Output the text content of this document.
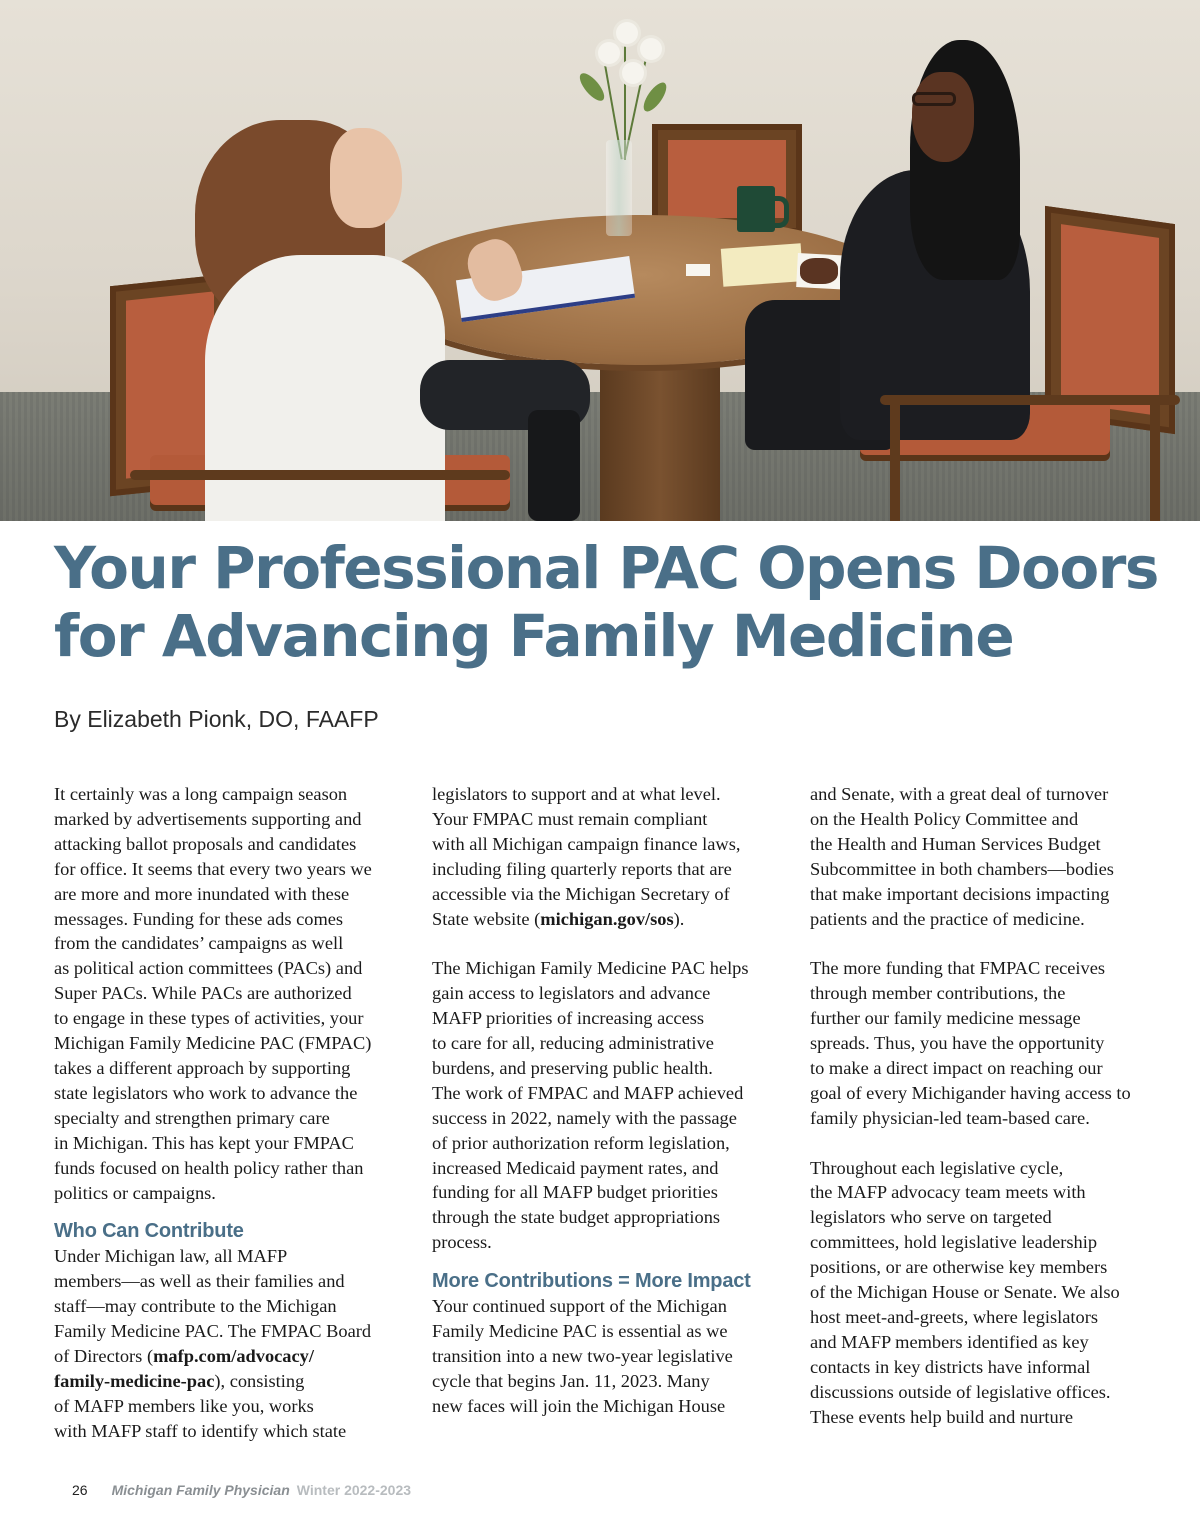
Your Professional PAC Opens Doors
for Advancing Family Medicine
By Elizabeth Pionk, DO, FAAFP

It certainly was a long campaign season
marked by advertisements supporting and
attacking ballot proposals and candidates
for office. It seems that every two years we
are more and more inundated with these
messages. Funding for these ads comes
from the candidates’ campaigns as well
as political action committees (PACs) and
Super PACs. While PACs are authorized
to engage in these types of activities, your
Michigan Family Medicine PAC (FMPAC)
takes a different approach by supporting
state legislators who work to advance the
specialty and strengthen primary care
in Michigan. This has kept your FMPAC
funds focused on health policy rather than
politics or campaigns.

Who Can Contribute

Under Michigan law, all MAFP
members—as well as their families and
staff—may contribute to the Michigan
Family Medicine PAC. The FMPAC Board
of Directors (mafp.com/advocacy/
family-medicine-pac), consisting
of MAFP members like you, works
with MAFP staff to identify which state

legislators to support and at what level.
Your FMPAC must remain compliant
with all Michigan campaign finance laws,
including filing quarterly reports that are
accessible via the Michigan Secretary of
State website (michigan.gov/sos).

The Michigan Family Medicine PAC helps
gain access to legislators and advance
MAFP priorities of increasing access
to care for all, reducing administrative
burdens, and preserving public health.
The work of FMPAC and MAFP achieved
success in 2022, namely with the passage
of prior authorization reform legislation,
increased Medicaid payment rates, and
funding for all MAFP budget priorities
through the state budget appropriations
process.

More Contributions = More Impact

Your continued support of the Michigan
Family Medicine PAC is essential as we
transition into a new two-year legislative
cycle that begins Jan. 11, 2023. Many
new faces will join the Michigan House

and Senate, with a great deal of turnover
on the Health Policy Committee and
the Health and Human Services Budget
Subcommittee in both chambers—bodies
that make important decisions impacting
patients and the practice of medicine.

The more funding that FMPAC receives
through member contributions, the
further our family medicine message
spreads. Thus, you have the opportunity
to make a direct impact on reaching our
goal of every Michigander having access to
family physician-led team-based care.

Throughout each legislative cycle,
the MAFP advocacy team meets with
legislators who serve on targeted
committees, hold legislative leadership
positions, or are otherwise key members
of the Michigan House or Senate. We also
host meet-and-greets, where legislators
and MAFP members identified as key
contacts in key districts have informal
discussions outside of legislative offices.
These events help build and nurture

26 Michigan Family Physician Winter 2022-2023
